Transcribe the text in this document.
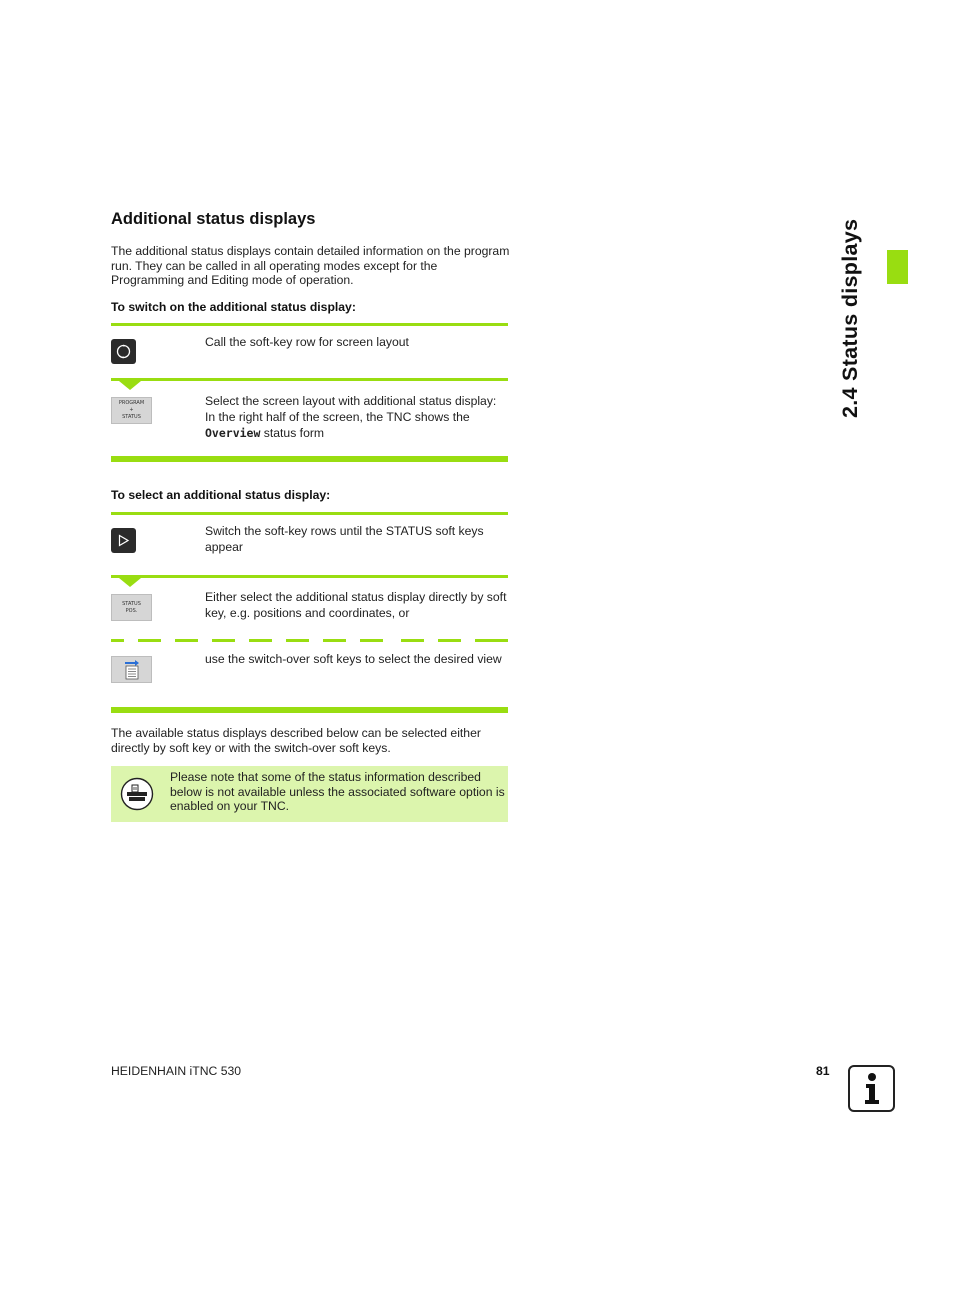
Additional status displays
The additional status displays contain detailed information on the program run. They can be called in all operating modes except for the Programming and Editing mode of operation.
To switch on the additional status display:
Call the soft-key row for screen layout
PROGRAM
+
STATUS
Select the screen layout with additional status display: In the right half of the screen, the TNC shows the Overview status form
To select an additional status display:
Switch the soft-key rows until the STATUS soft keys appear
STATUS
POS.
Either select the additional status display directly by soft key, e.g. positions and coordinates, or
use the switch-over soft keys to select the desired view
The available status displays described below can be selected either directly by soft key or with the switch-over soft keys.
Please note that some of the status information described below is not available unless the associated software option is enabled on your TNC.
2.4 Status displays
HEIDENHAIN iTNC 530	81
